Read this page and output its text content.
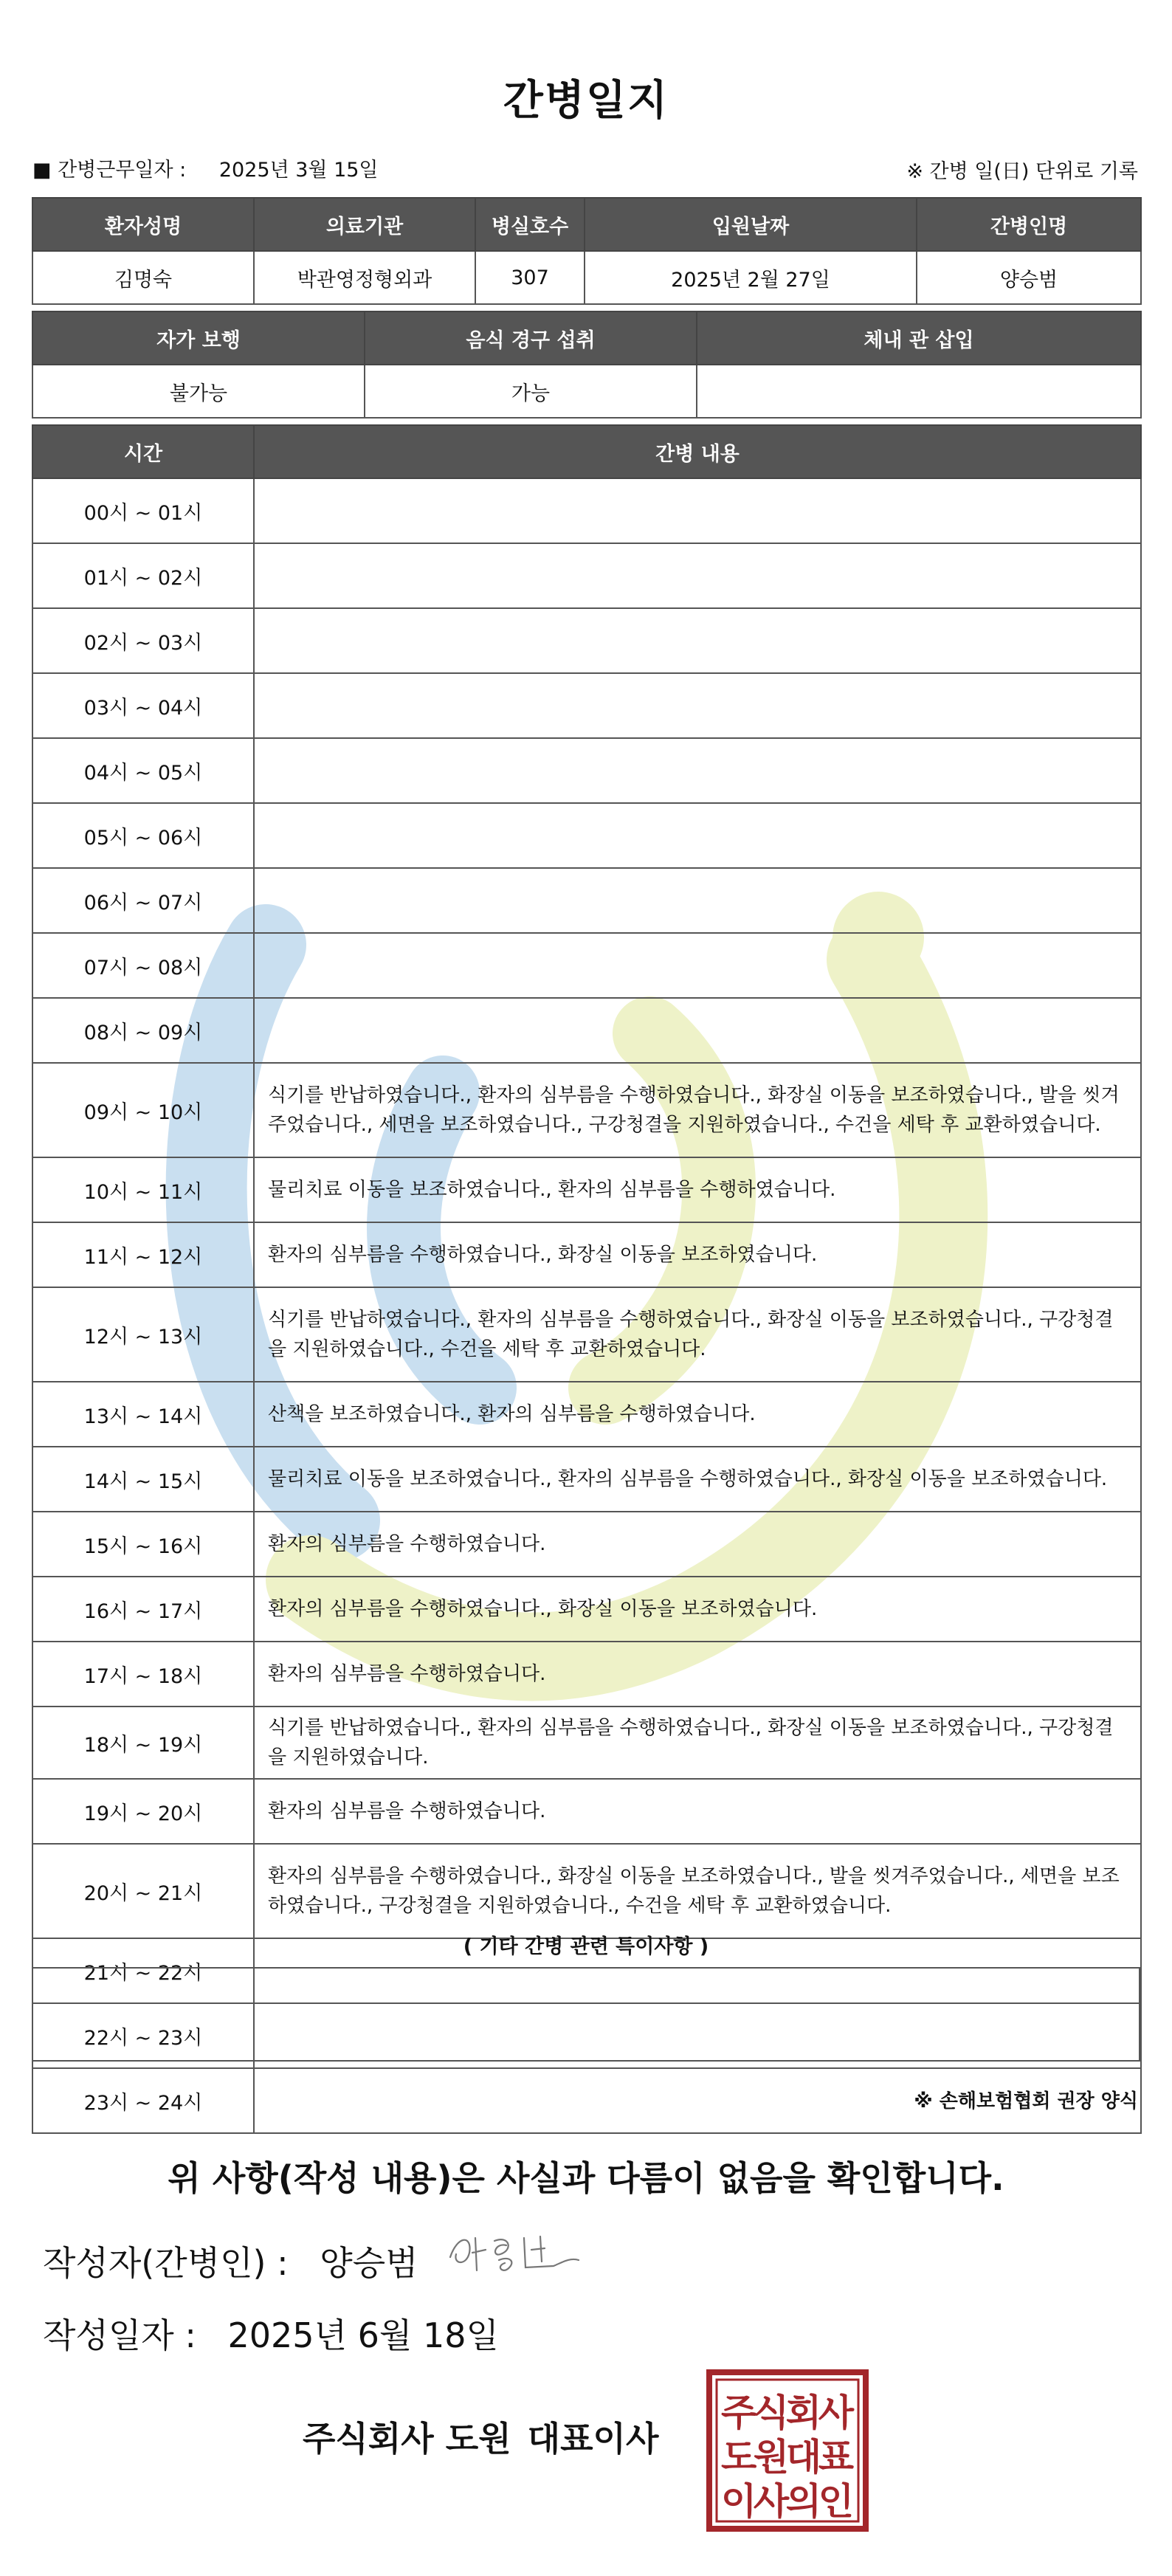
간병일지
■ 간병근무일자 : 2025년 3월 15일	※ 간병 일(日) 단위로 기록
환자성명	의료기관	병실호수	입원날짜	간병인명
김명숙	박관영정형외과	307	2025년 2월 27일	양승범
자가 보행	음식 경구 섭취	체내 관 삽입
불가능	가능	
시간	간병 내용
00시 ~ 01시	
01시 ~ 02시	
02시 ~ 03시	
03시 ~ 04시	
04시 ~ 05시	
05시 ~ 06시	
06시 ~ 07시	
07시 ~ 08시	
08시 ~ 09시	
09시 ~ 10시	식기를 반납하였습니다., 환자의 심부름을 수행하였습니다., 화장실 이동을 보조하였습니다., 발을 씻겨주었습니다., 세면을 보조하였습니다., 구강청결을 지원하였습니다., 수건을 세탁 후 교환하였습니다.
10시 ~ 11시	물리치료 이동을 보조하였습니다., 환자의 심부름을 수행하였습니다.
11시 ~ 12시	환자의 심부름을 수행하였습니다., 화장실 이동을 보조하였습니다.
12시 ~ 13시	식기를 반납하였습니다., 환자의 심부름을 수행하였습니다., 화장실 이동을 보조하였습니다., 구강청결을 지원하였습니다., 수건을 세탁 후 교환하였습니다.
13시 ~ 14시	산책을 보조하였습니다., 환자의 심부름을 수행하였습니다.
14시 ~ 15시	물리치료 이동을 보조하였습니다., 환자의 심부름을 수행하였습니다., 화장실 이동을 보조하였습니다.
15시 ~ 16시	환자의 심부름을 수행하였습니다.
16시 ~ 17시	환자의 심부름을 수행하였습니다., 화장실 이동을 보조하였습니다.
17시 ~ 18시	환자의 심부름을 수행하였습니다.
18시 ~ 19시	식기를 반납하였습니다., 환자의 심부름을 수행하였습니다., 화장실 이동을 보조하였습니다., 구강청결을 지원하였습니다.
19시 ~ 20시	환자의 심부름을 수행하였습니다.
20시 ~ 21시	환자의 심부름을 수행하였습니다., 화장실 이동을 보조하였습니다., 발을 씻겨주었습니다., 세면을 보조하였습니다., 구강청결을 지원하였습니다., 수건을 세탁 후 교환하였습니다.
21시 ~ 22시	
22시 ~ 23시	
23시 ~ 24시	
( 기타 간병 관련 특이사항 )
※ 손해보험협회 권장 양식
위 사항(작성 내용)은 사실과 다름이 없음을 확인합니다.
작성자(간병인) : 양승범
작성일자 : 2025년 6월 18일
주식회사 도원 대표이사
주식회사
도원대표
이사의인
